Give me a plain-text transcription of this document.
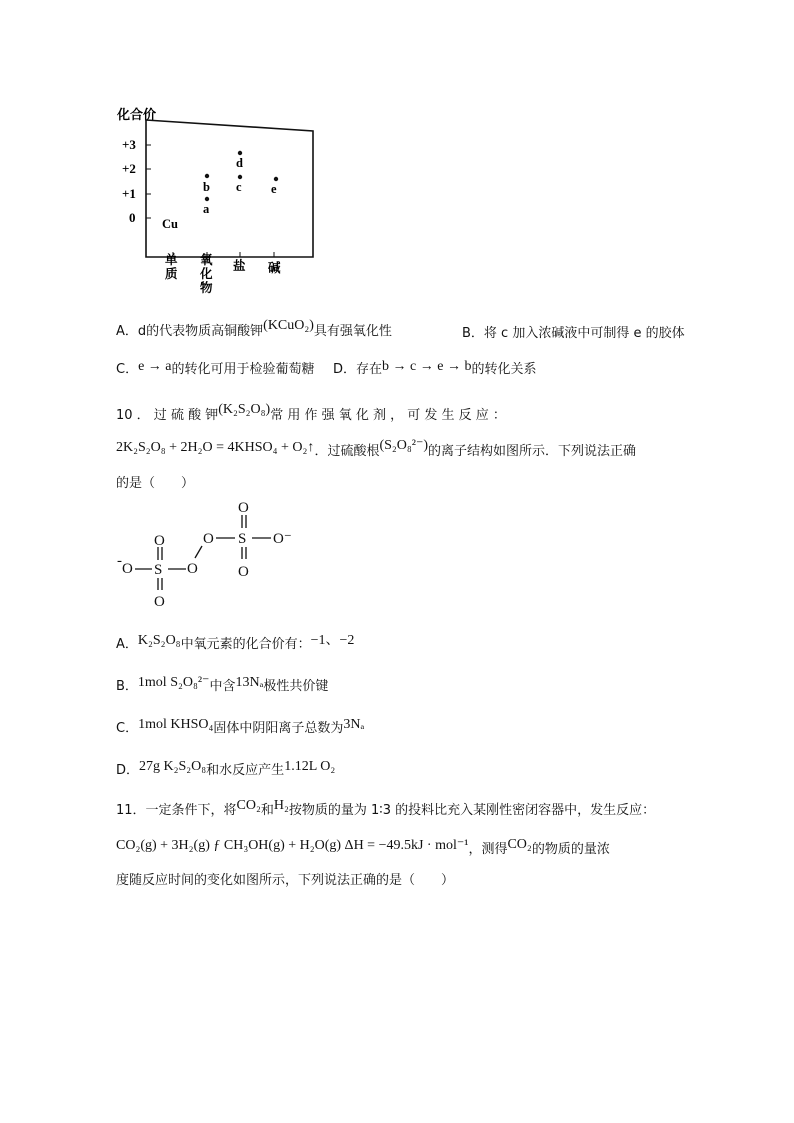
化合价
+3
+2
+1
0
单质
氧化物
盐 碱
Cu
b
a
d
c e
A．d的代表物质高铜酸钾(KCuO₂)具有强氧化性	B．将 c 加入浓碱液中可制得 e 的胶体
C．e → a的转化可用于检验葡萄糖 D．存在b → c → e → b的转化关系
10 ． 过 硫 酸 钾(K₂S₂O₈)常 用 作 强 氧 化 剂 ， 可 发 生 反 应 ：
2K₂S₂O₈ + 2H₂O = 4KHSO₄ + O₂↑．过硫酸根(S₂O₈²⁻)的离子结构如图所示．下列说法正确
的是（　　）
- O S
O
O
O
O S
O
O
O⁻
A．K₂S₂O₈中氧元素的化合价有：−1、−2
B．1mol S₂O₈²⁻中含13Nₐ极性共价键
C．1mol KHSO₄固体中阴阳离子总数为3Nₐ
D．27g K₂S₂O₈和水反应产生1.12L O₂
11．一定条件下，将CO₂和H₂按物质的量为 1∶3 的投料比充入某刚性密闭容器中，发生反应：
CO₂(g) + 3H₂(g) ƒ CH₃OH(g) + H₂O(g) ΔH = −49.5kJ · mol⁻¹，测得CO₂的物质的量浓
度随反应时间的变化如图所示，下列说法正确的是（　　）
